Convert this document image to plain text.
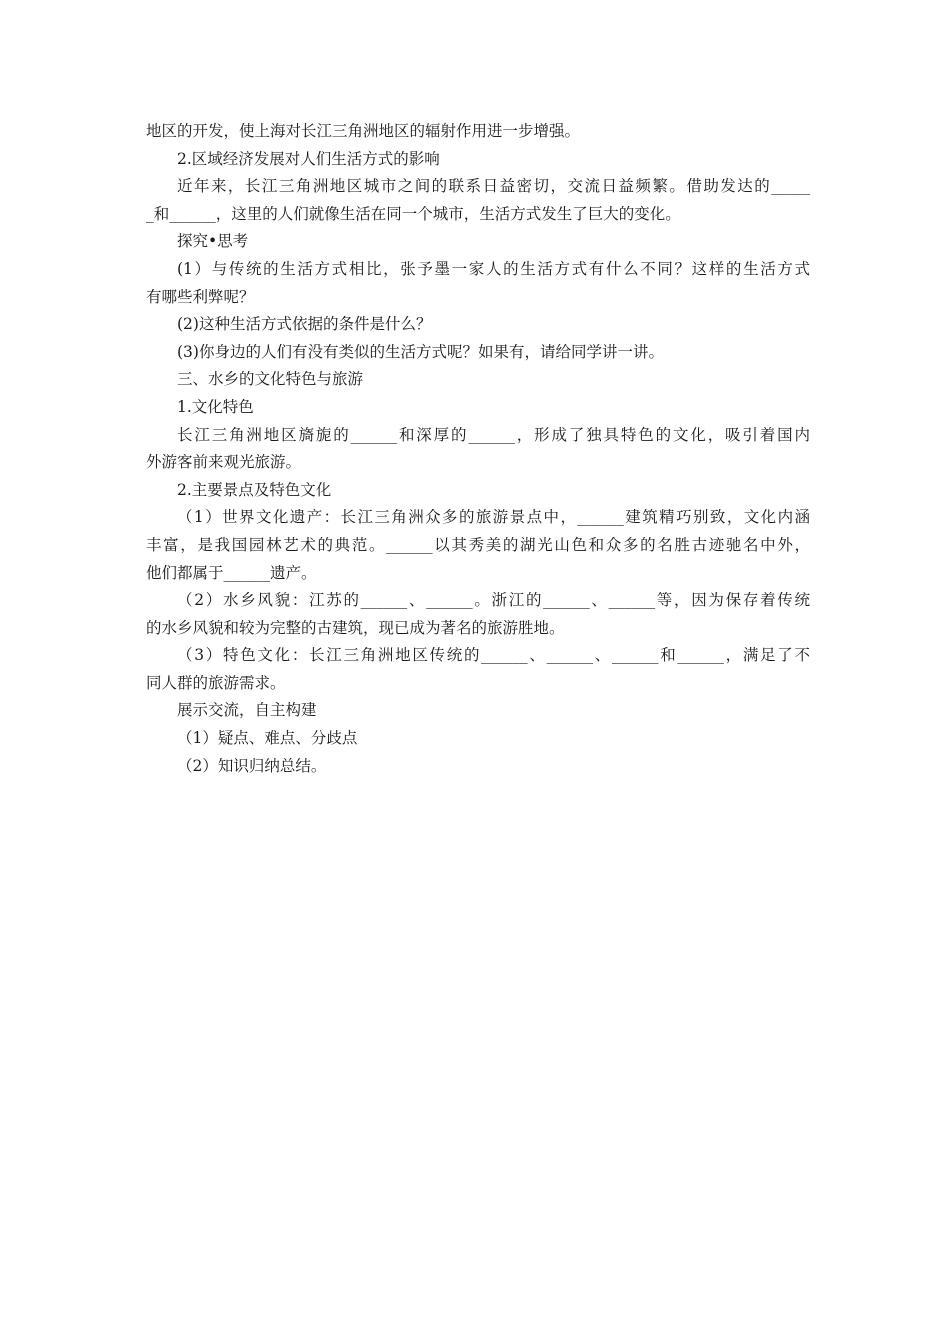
地区的开发，使上海对长江三角洲地区的辐射作用进一步增强。
2.区域经济发展对人们生活方式的影响
近年来，长江三角洲地区城市之间的联系日益密切，交流日益频繁。借助发达的_____
_和______，这里的人们就像生活在同一个城市，生活方式发生了巨大的变化。
探究•思考
(1）与传统的生活方式相比，张予墨一家人的生活方式有什么不同？这样的生活方式
有哪些利弊呢？
(2)这种生活方式依据的条件是什么？
(3)你身边的人们有没有类似的生活方式呢？如果有，请给同学讲一讲。
三、水乡的文化特色与旅游
1.文化特色
长江三角洲地区旖旎的______和深厚的______，形成了独具特色的文化，吸引着国内
外游客前来观光旅游。
2.主要景点及特色文化
（1）世界文化遗产：长江三角洲众多的旅游景点中，______建筑精巧别致，文化内涵
丰富，是我国园林艺术的典范。______以其秀美的湖光山色和众多的名胜古迹驰名中外，
他们都属于______遗产。
（2）水乡风貌：江苏的______、______。浙江的______、______等，因为保存着传统
的水乡风貌和较为完整的古建筑，现已成为著名的旅游胜地。
（3）特色文化：长江三角洲地区传统的______、______、______和______，满足了不
同人群的旅游需求。
展示交流，自主构建
（1）疑点、难点、分歧点
（2）知识归纳总结。
